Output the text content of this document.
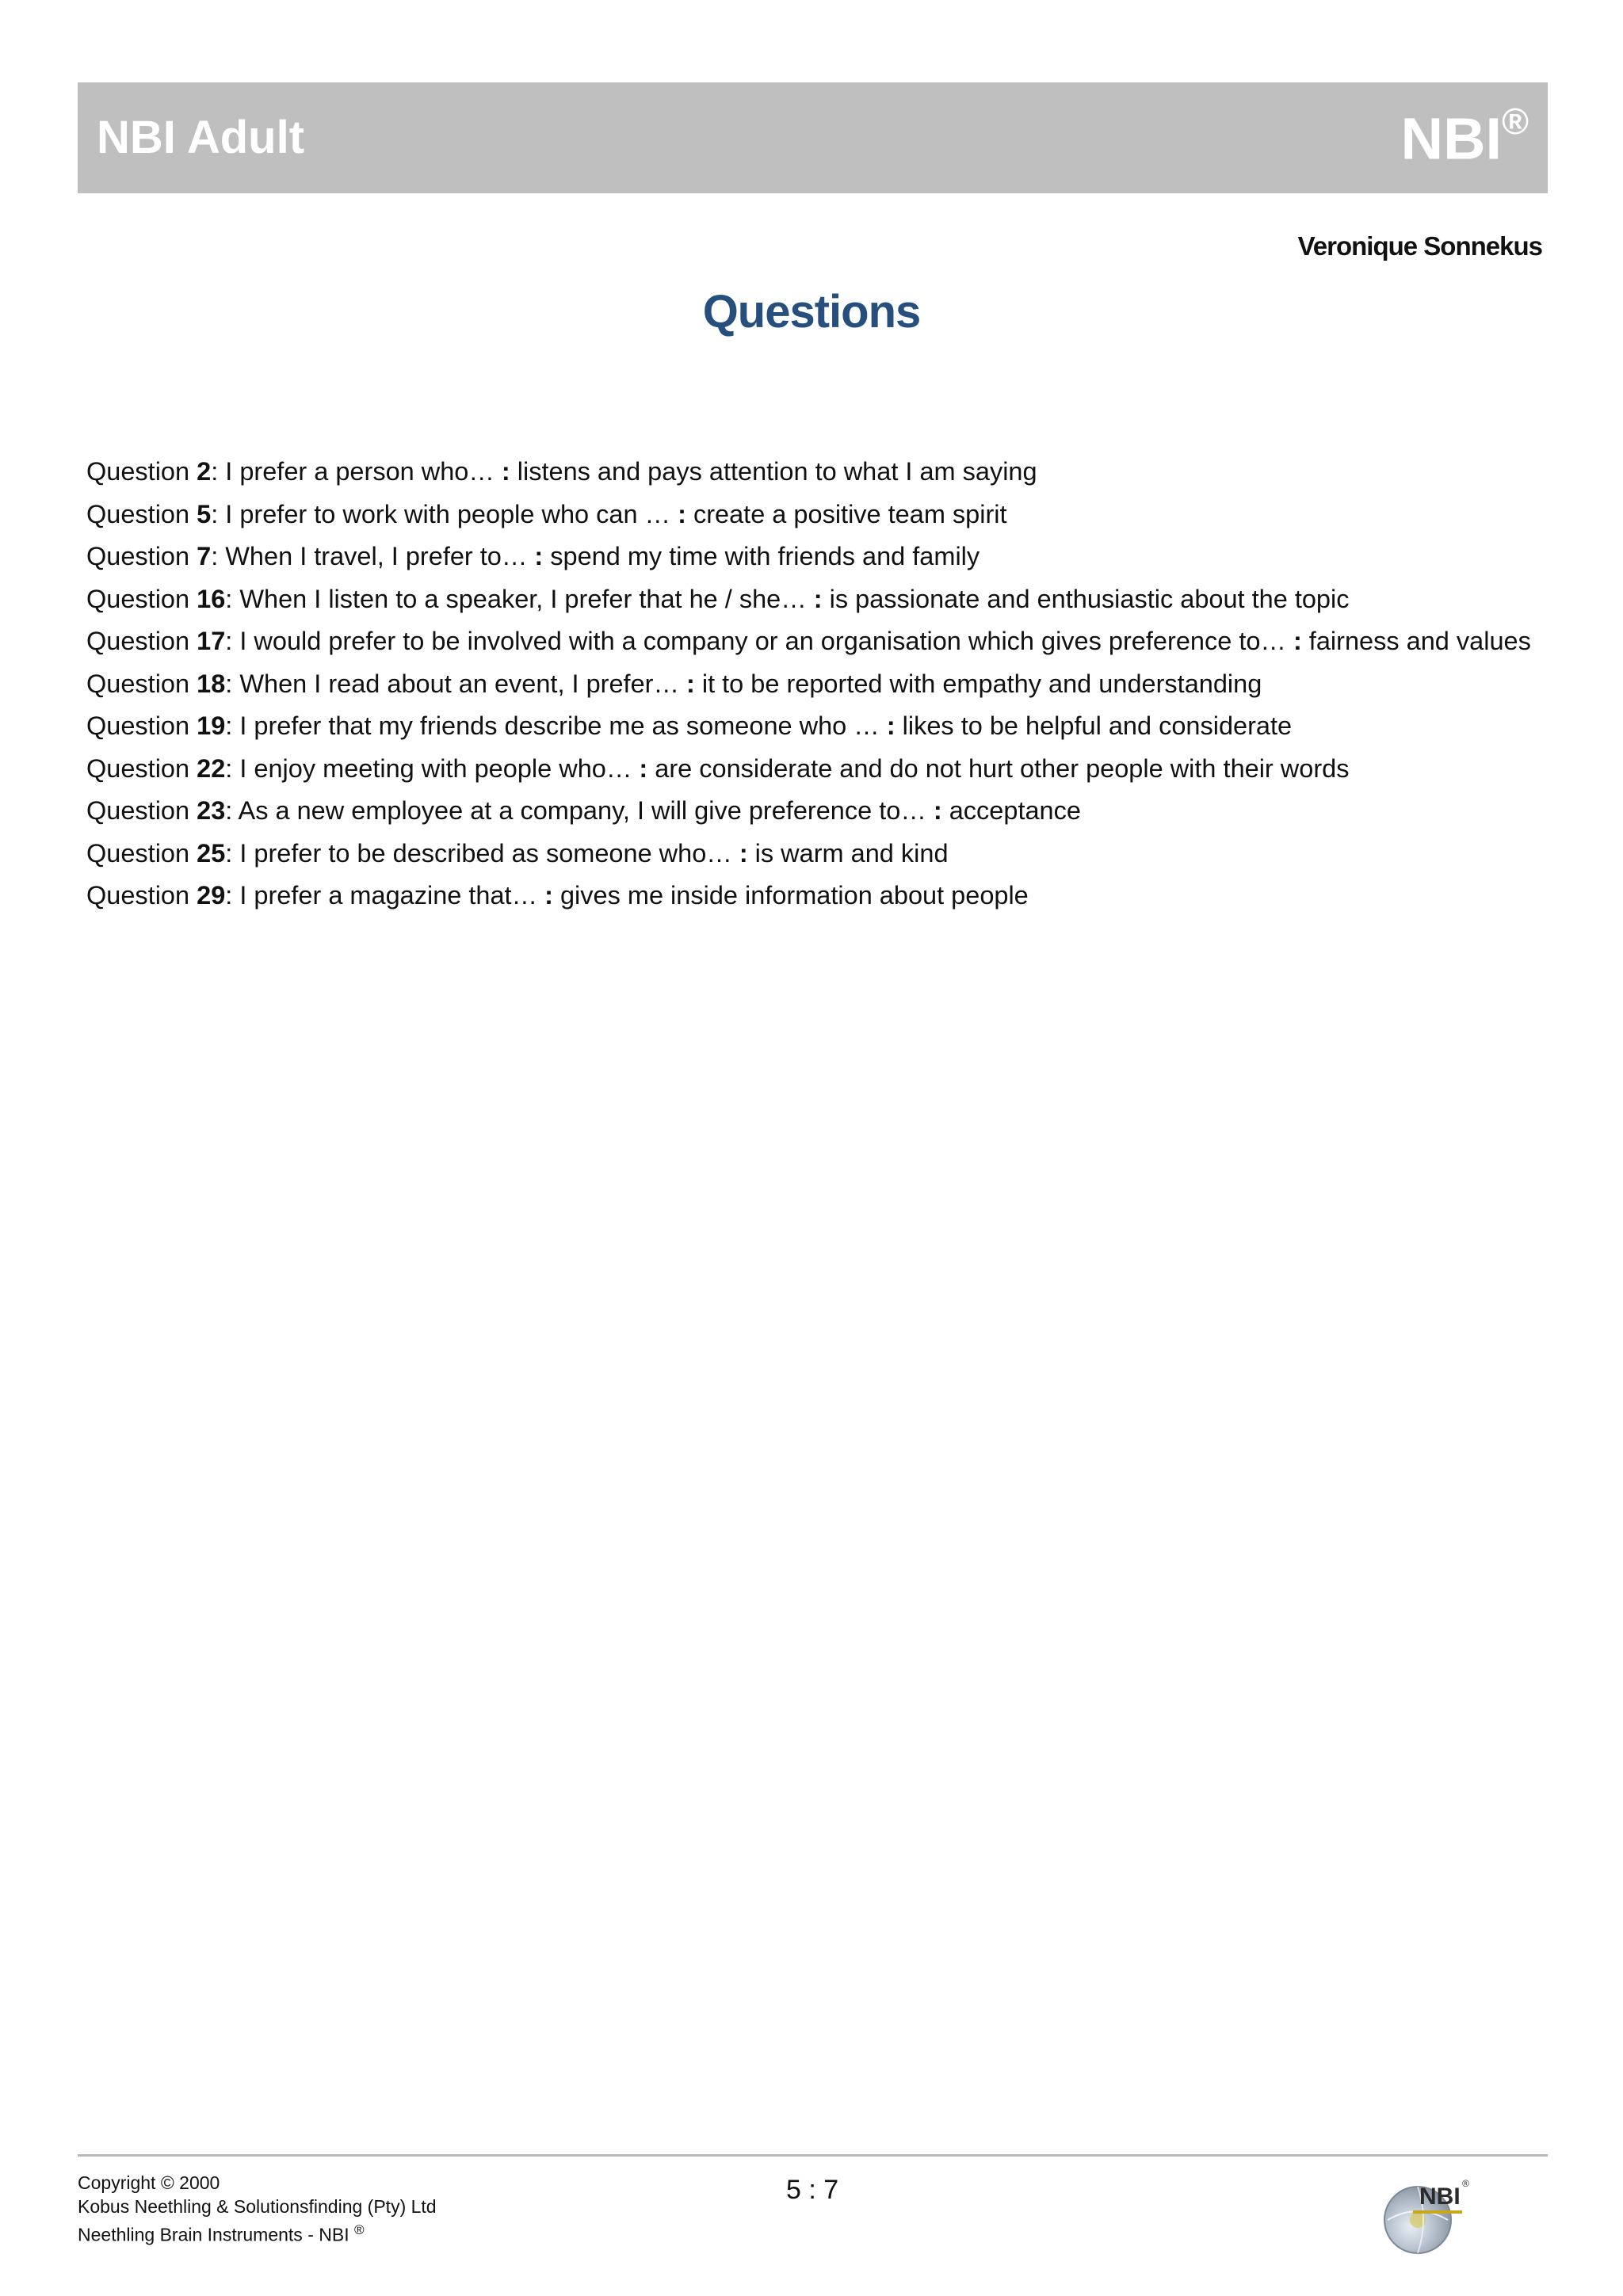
NBI Adult	NBI®
Veronique Sonnekus
Questions
Question 2: I prefer a person who… : listens and pays attention to what I am saying
Question 5: I prefer to work with people who can … : create a positive team spirit
Question 7: When I travel, I prefer to… : spend my time with friends and family
Question 16: When I listen to a speaker, I prefer that he / she… : is passionate and enthusiastic about the topic
Question 17: I would prefer to be involved with a company or an organisation which gives preference to… : fairness and values
Question 18: When I read about an event, I prefer… : it to be reported with empathy and understanding
Question 19: I prefer that my friends describe me as someone who … : likes to be helpful and considerate
Question 22: I enjoy meeting with people who… : are considerate and do not hurt other people with their words
Question 23: As a new employee at a company, I will give preference to… : acceptance
Question 25: I prefer to be described as someone who… : is warm and kind
Question 29: I prefer a magazine that… : gives me inside information about people
Copyright © 2000
Kobus Neethling & Solutionsfinding (Pty) Ltd
Neethling Brain Instruments - NBI ®
5 : 7	NBI ®
